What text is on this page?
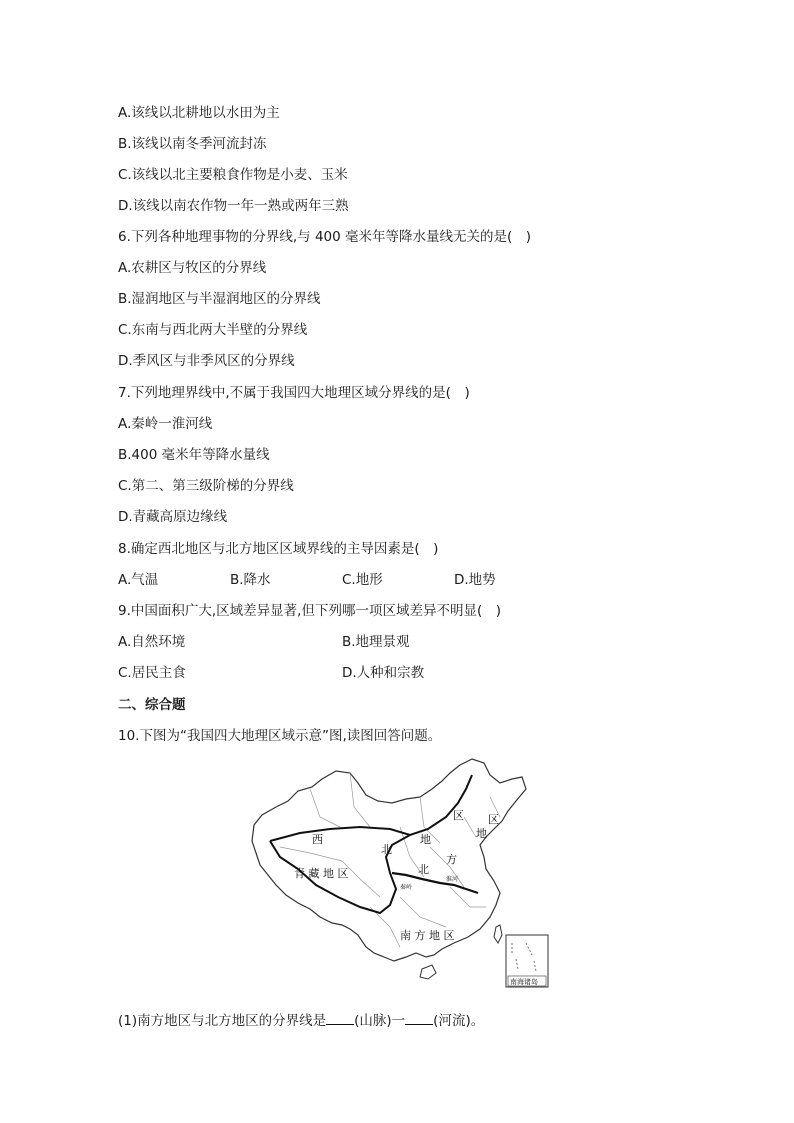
A.该线以北耕地以水田为主
B.该线以南冬季河流封冻
C.该线以北主要粮食作物是小麦、玉米
D.该线以南农作物一年一熟或两年三熟
6.下列各种地理事物的分界线,与 400 毫米年等降水量线无关的是(　)
A.农耕区与牧区的分界线
B.湿润地区与半湿润地区的分界线
C.东南与西北两大半壁的分界线
D.季风区与非季风区的分界线
7.下列地理界线中,不属于我国四大地理区域分界线的是(　)
A.秦岭一淮河线
B.400 毫米年等降水量线
C.第二、第三级阶梯的分界线
D.青藏高原边缘线
8.确定西北地区与北方地区区域界线的主导因素是(　)
A.气温	B.降水	C.地形	D.地势
9.中国面积广大,区域差异显著,但下列哪一项区域差异不明显(　)
A.自然环境	B.地理景观
C.居民主食	D.人种和宗教
二、综合题
10.下图为“我国四大地理区域示意”图,读图回答问题。
南海诸岛
西
北
地
区 区
地
方
北
青 藏 地 区
南 方 地 区
秦岭
淮河
(1)南方地区与北方地区的分界线是 (山脉)一 (河流)。
